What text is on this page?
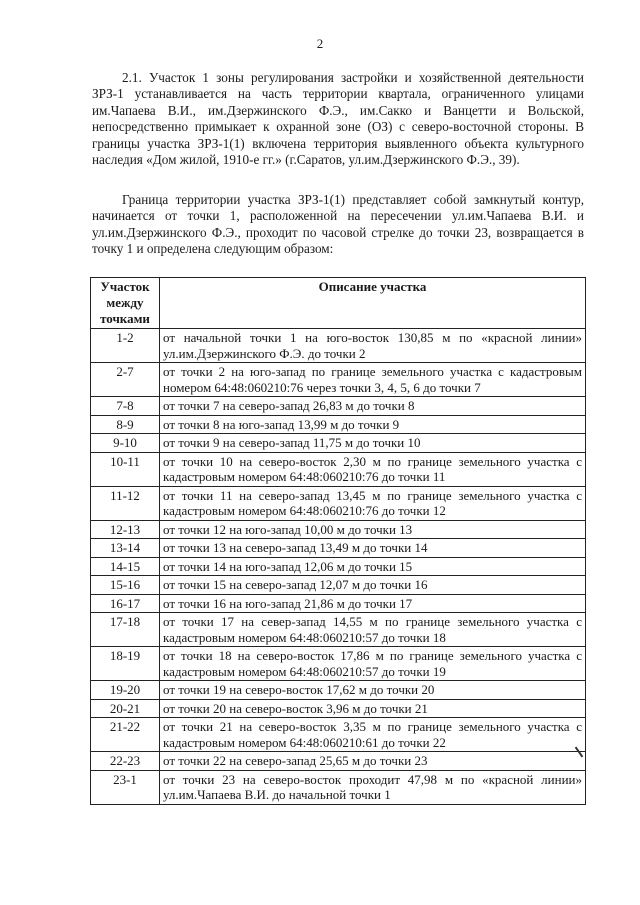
2

2.1. Участок 1 зоны регулирования застройки и хозяйственной деятельности ЗРЗ-1 устанавливается на часть территории квартала, ограниченного улицами им.Чапаева В.И., им.Дзержинского Ф.Э., им.Сакко и Ванцетти и Вольской, непосредственно примыкает к охранной зоне (ОЗ) с северо-восточной стороны. В границы участка ЗРЗ-1(1) включена территория выявленного объекта культурного наследия «Дом жилой, 1910-е гг.» (г.Саратов, ул.им.Дзержинского Ф.Э., 39).

Граница территории участка ЗРЗ-1(1) представляет собой замкнутый контур, начинается от точки 1, расположенной на пересечении ул.им.Чапаева В.И. и ул.им.Дзержинского Ф.Э., проходит по часовой стрелке до точки 23, возвращается в точку 1 и определена следующим образом:

Участок между точками	Описание участка
1-2	от начальной точки 1 на юго-восток 130,85 м по «красной линии» ул.им.Дзержинского Ф.Э. до точки 2
2-7	от точки 2 на юго-запад по границе земельного участка с кадастровым номером 64:48:060210:76 через точки 3, 4, 5, 6 до точки 7
7-8	от точки 7 на северо-запад 26,83 м до точки 8
8-9	от точки 8 на юго-запад 13,99 м до точки 9
9-10	от точки 9 на северо-запад 11,75 м до точки 10
10-11	от точки 10 на северо-восток 2,30 м по границе земельного участка с кадастровым номером 64:48:060210:76 до точки 11
11-12	от точки 11 на северо-запад 13,45 м по границе земельного участка с кадастровым номером 64:48:060210:76 до точки 12
12-13	от точки 12 на юго-запад 10,00 м до точки 13
13-14	от точки 13 на северо-запад 13,49 м до точки 14
14-15	от точки 14 на юго-запад 12,06 м до точки 15
15-16	от точки 15 на северо-запад 12,07 м до точки 16
16-17	от точки 16 на юго-запад 21,86 м до точки 17
17-18	от точки 17 на север-запад 14,55 м по границе земельного участка с кадастровым номером 64:48:060210:57 до точки 18
18-19	от точки 18 на северо-восток 17,86 м по границе земельного участка с кадастровым номером 64:48:060210:57 до точки 19
19-20	от точки 19 на северо-восток 17,62 м до точки 20
20-21	от точки 20 на северо-восток 3,96 м до точки 21
21-22	от точки 21 на северо-восток 3,35 м по границе земельного участка с кадастровым номером 64:48:060210:61 до точки 22
22-23	от точки 22 на северо-запад 25,65 м до точки 23
23-1	от точки 23 на северо-восток проходит 47,98 м по «красной линии» ул.им.Чапаева В.И. до начальной точки 1
